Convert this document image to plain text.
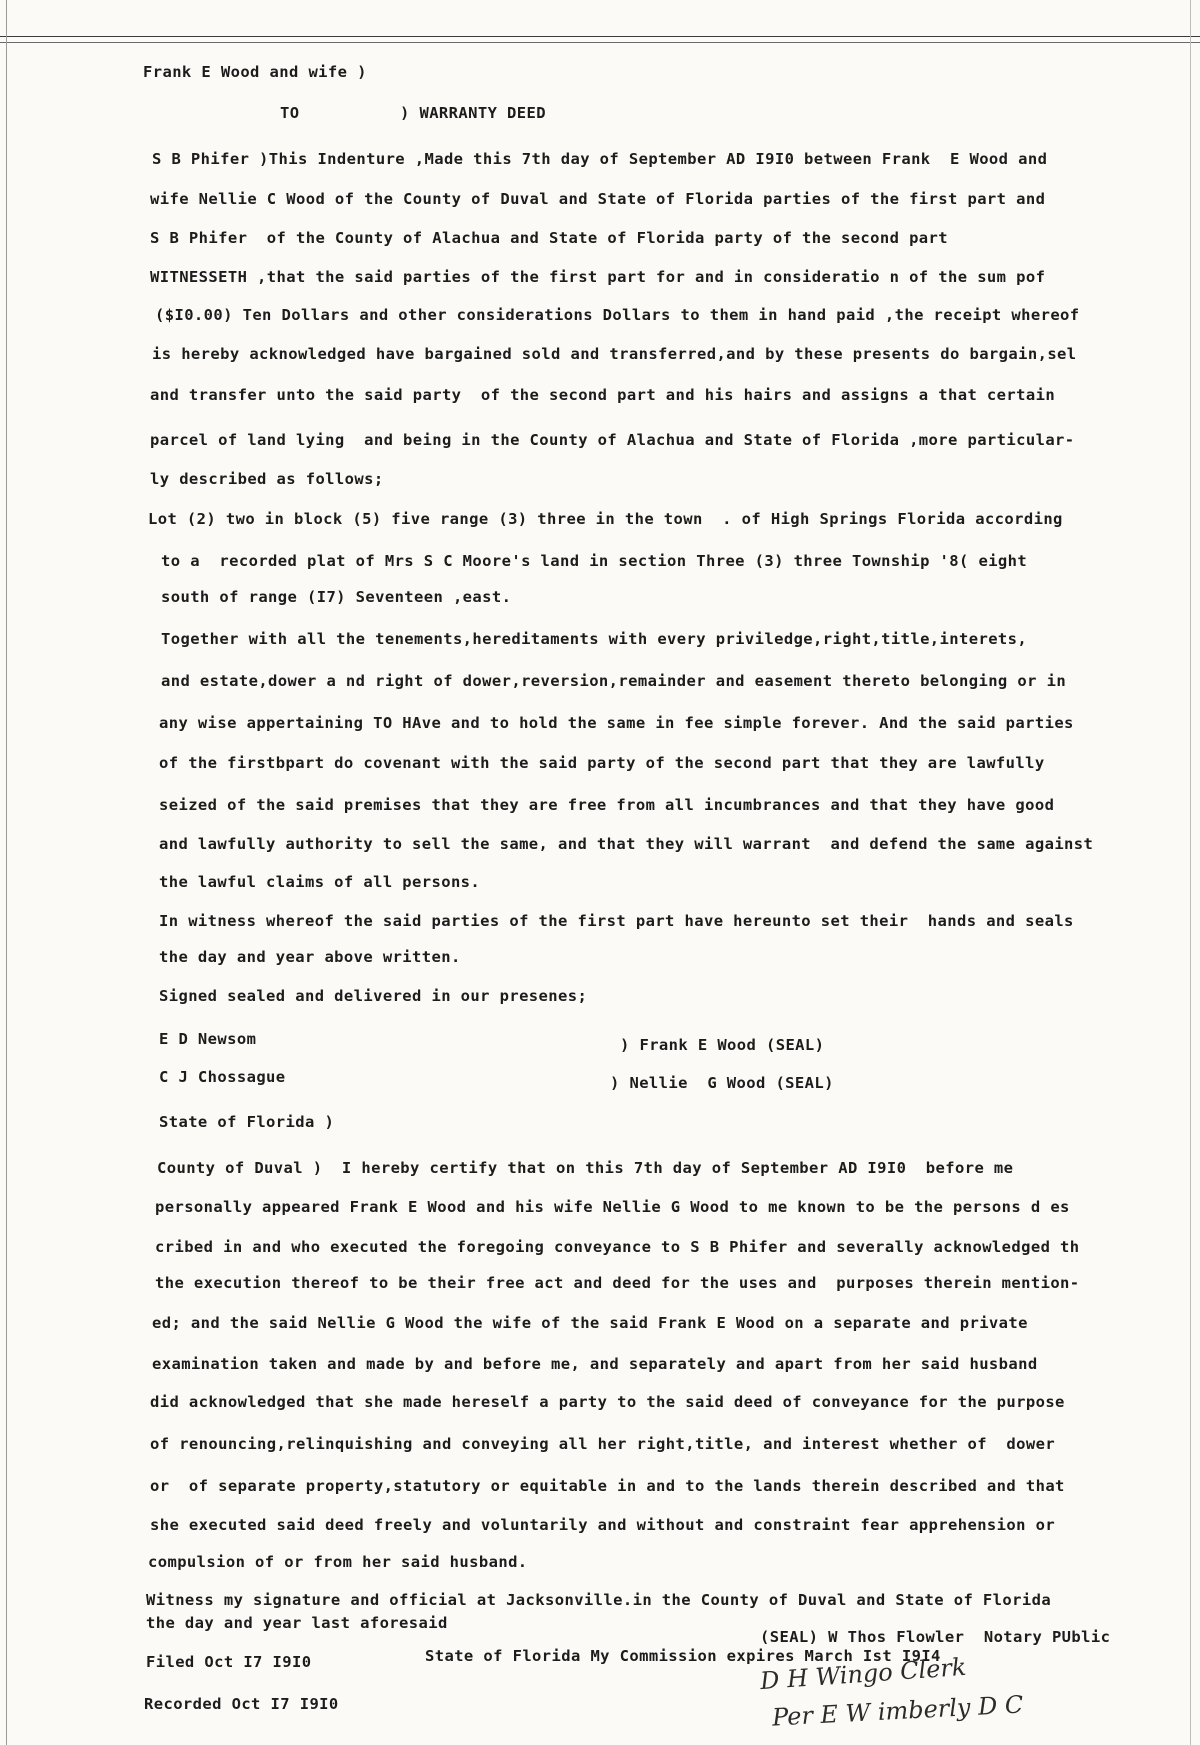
Frank E Wood and wife )
TO	) WARRANTY DEED
S B Phifer )This Indenture ,Made this 7th day of September AD I9I0 between Frank  E Wood and
wife Nellie C Wood of the County of Duval and State of Florida parties of the first part and
S B Phifer  of the County of Alachua and State of Florida party of the second part
WITNESSETH ,that the said parties of the first part for and in consideratio n of the sum pof
($I0.00) Ten Dollars and other considerations Dollars to them in hand paid ,the receipt whereof
is hereby acknowledged have bargained sold and transferred,and by these presents do bargain,sel
and transfer unto the said party  of the second part and his hairs and assigns a that certain
parcel of land lying  and being in the County of Alachua and State of Florida ,more particular-
ly described as follows;
Lot (2) two in block (5) five range (3) three in the town  . of High Springs Florida according
to a  recorded plat of Mrs S C Moore's land in section Three (3) three Township '8( eight
south of range (I7) Seventeen ,east.
Together with all the tenements,hereditaments with every priviledge,right,title,interets,
and estate,dower a nd right of dower,reversion,remainder and easement thereto belonging or in
any wise appertaining TO HAve and to hold the same in fee simple forever. And the said parties
of the firstbpart do covenant with the said party of the second part that they are lawfully
seized of the said premises that they are free from all incumbrances and that they have good
and lawfully authority to sell the same, and that they will warrant  and defend the same against
the lawful claims of all persons.
In witness whereof the said parties of the first part have hereunto set their  hands and seals
the day and year above written.
Signed sealed and delivered in our presenes;
E D Newsom	) Frank E Wood (SEAL)
C J Chossague	) Nellie  G Wood (SEAL)
State of Florida )
County of Duval )  I hereby certify that on this 7th day of September AD I9I0  before me
personally appeared Frank E Wood and his wife Nellie G Wood to me known to be the persons d es
cribed in and who executed the foregoing conveyance to S B Phifer and severally acknowledged th
the execution thereof to be their free act and deed for the uses and  purposes therein mention-
ed; and the said Nellie G Wood the wife of the said Frank E Wood on a separate and private
examination taken and made by and before me, and separately and apart from her said husband
did acknowledged that she made hereself a party to the said deed of conveyance for the purpose
of renouncing,relinquishing and conveying all her right,title, and interest whether of  dower
or  of separate property,statutory or equitable in and to the lands therein described and that
she executed said deed freely and voluntarily and without and constraint fear apprehension or
compulsion of or from her said husband.
Witness my signature and official at Jacksonville.in the County of Duval and State of Florida
the day and year last aforesaid
(SEAL) W Thos Flowler  Notary PUblic
State of Florida My Commission expires March Ist I9I4
Filed Oct I7 I9I0
Recorded Oct I7 I9I0
D H Wingo Clerk
Per E W imberly D C
